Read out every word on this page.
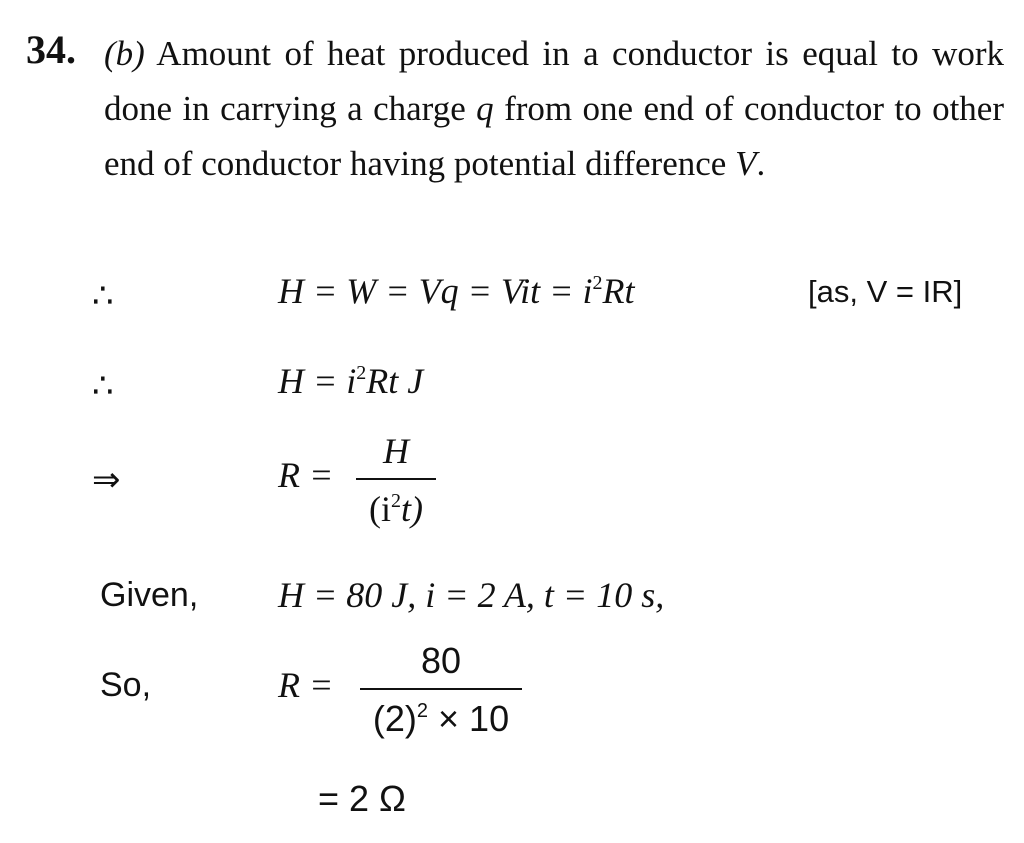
34. (b) Amount of heat produced in a conductor is equal to work done in carrying a charge q from one end of conductor to other end of conductor having potential difference V.
∴	H = W = Vq = Vit = $i^2Rt$	[as, V = IR]
∴	$H = i^2Rt$ J
⇒	R =
H
$(i^2t)$
Given, H = 80 J, i = 2 A, t = 10 s,
So,	R =
80
$(2)^2 \times 10$
= 2 Ω
